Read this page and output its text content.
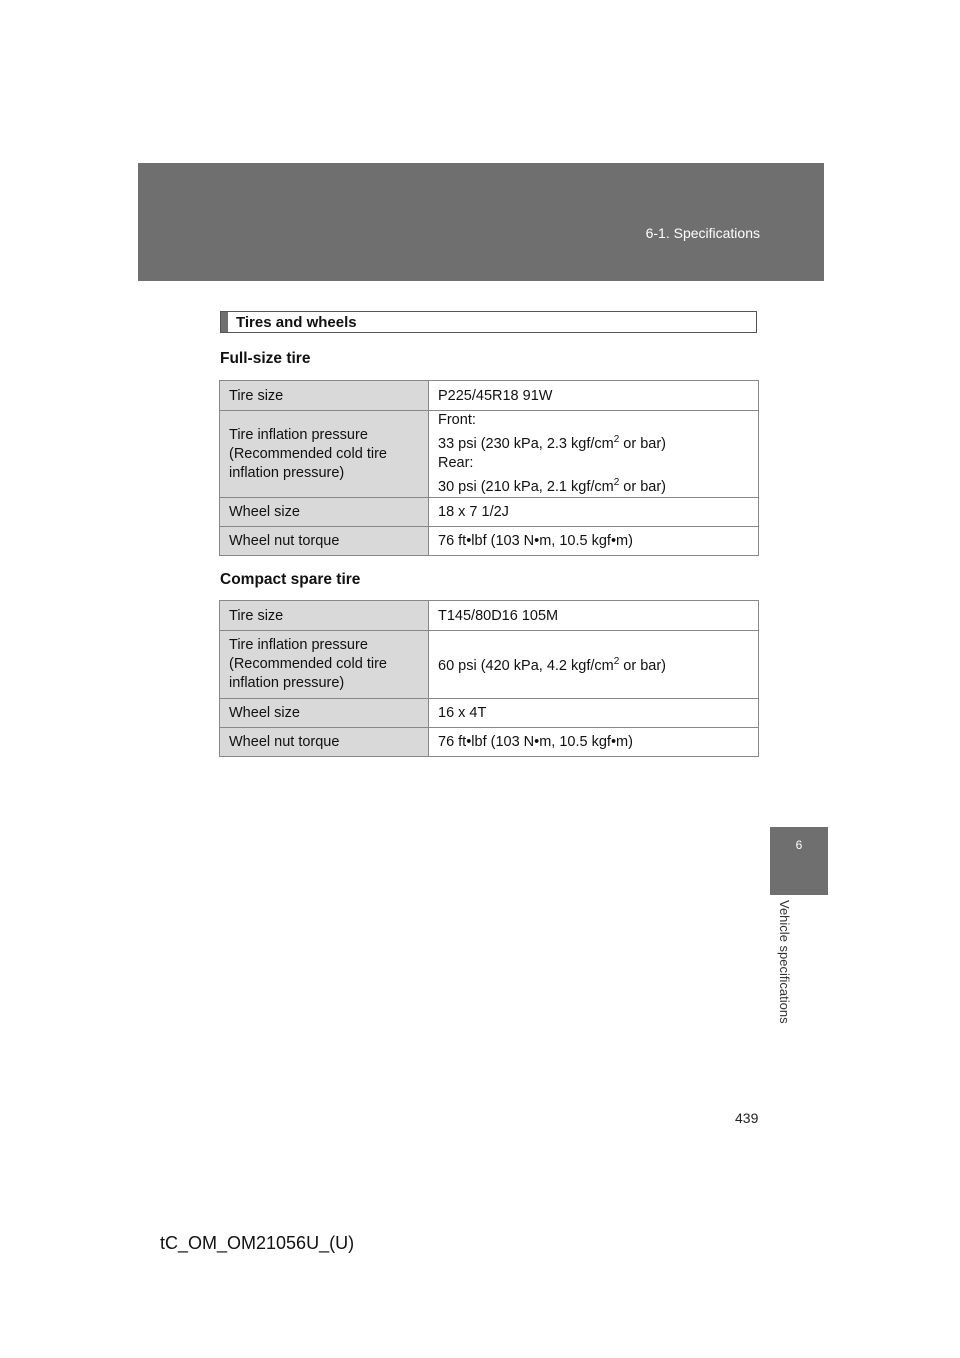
6-1. Specifications
6
Vehicle specifications
Tires and wheels
Full-size tire
Tire size	P225/45R18 91W
Tire inflation pressure (Recommended cold tire inflation pressure)	Front:
33 psi (230 kPa, 2.3 kgf/$cm^2$ or bar)
Rear:
30 psi (210 kPa, 2.1 kgf/$cm^2$ or bar)

Wheel size	18 x 7 1/2J
Wheel nut torque	76 ft•lbf (103 N•m, 10.5 kgf•m)
Compact spare tire
Tire size	T145/80D16 105M
Tire inflation pressure (Recommended cold tire inflation pressure)	60 psi (420 kPa, 4.2 kgf/$cm^2$ or bar)
Wheel size	16 x 4T
Wheel nut torque	76 ft•lbf (103 N•m, 10.5 kgf•m)
439
tC_OM_OM21056U_(U)
